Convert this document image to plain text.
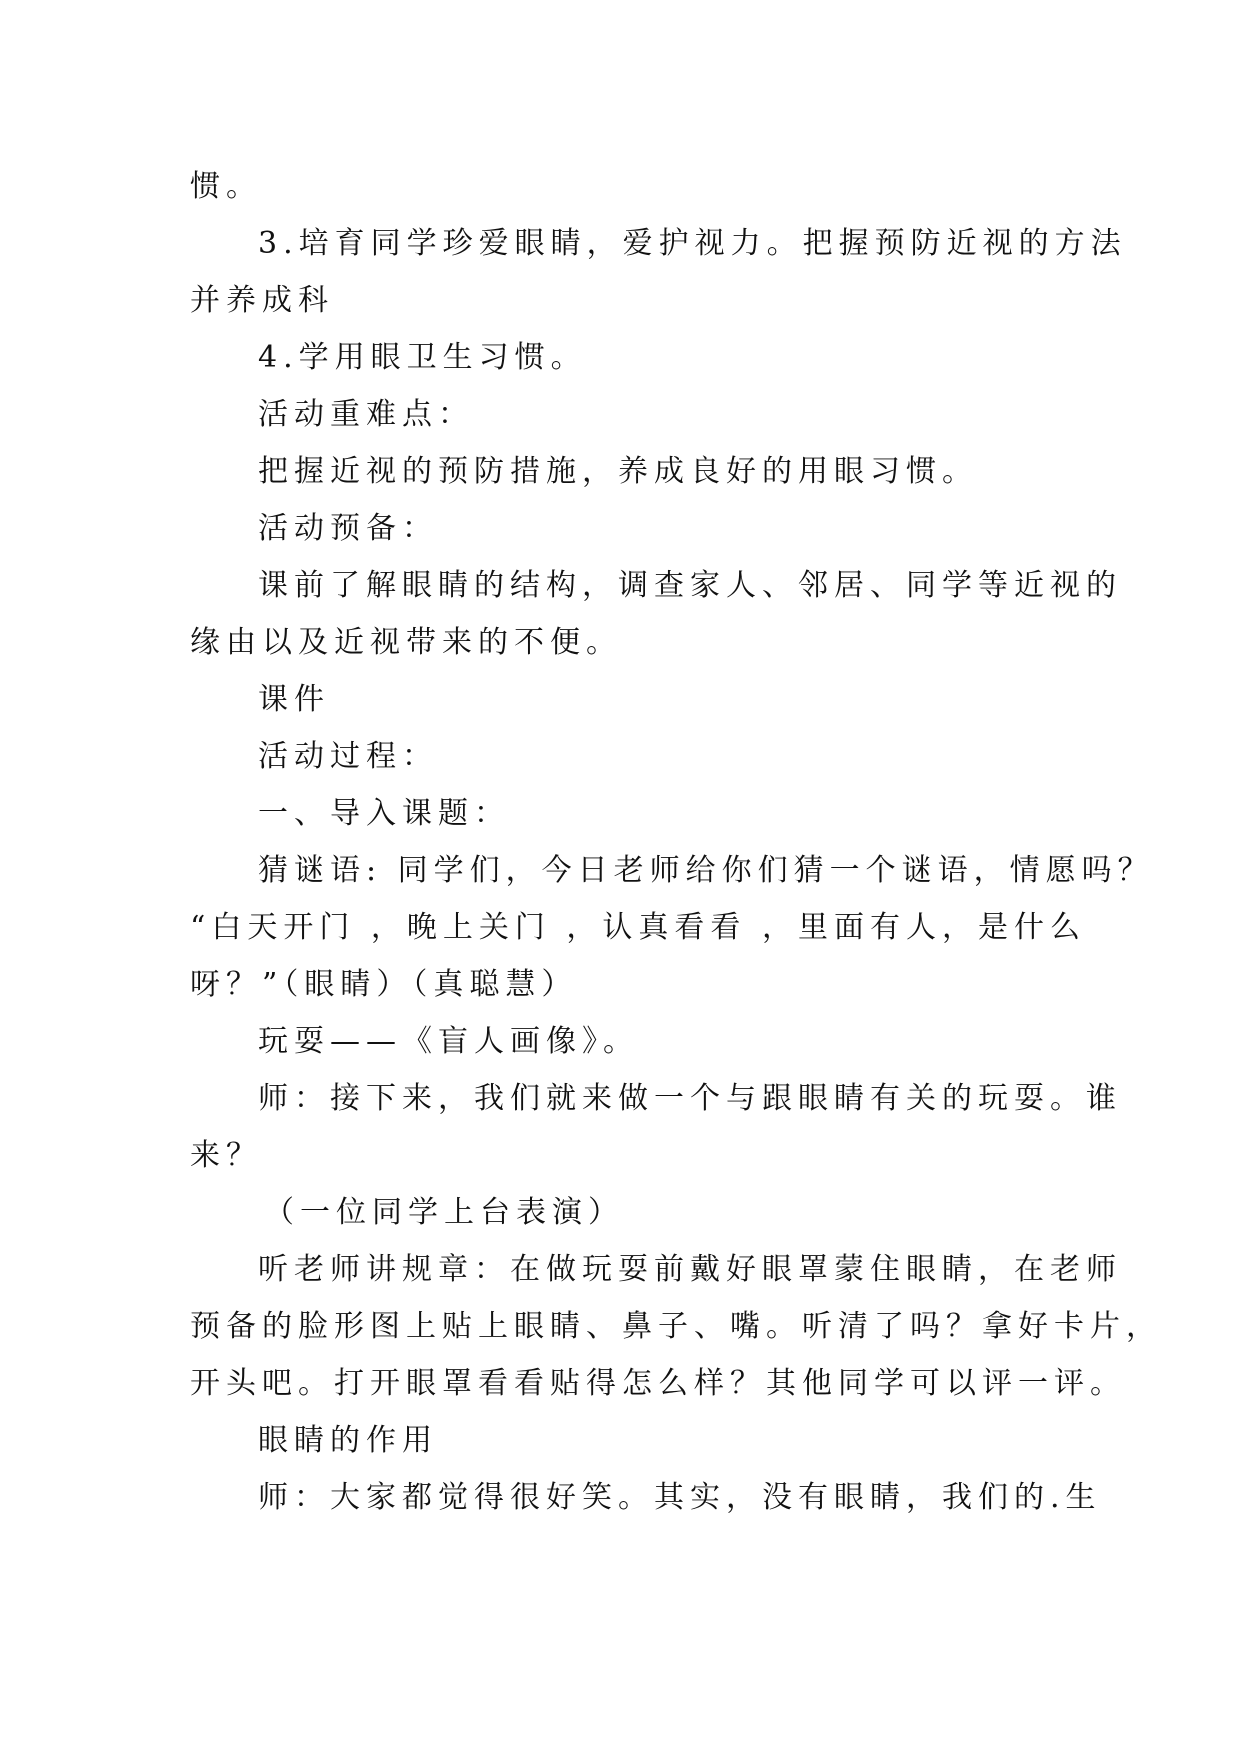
惯。

3.培育同学珍爱眼睛，爱护视力。把握预防近视的方法

并养成科

4.学用眼卫生习惯。

活动重难点：

把握近视的预防措施，养成良好的用眼习惯。

活动预备：

课前了解眼睛的结构，调查家人、邻居、同学等近视的

缘由以及近视带来的不便。

课件

活动过程：

一、导入课题：

猜谜语: 同学们，今日老师给你们猜一个谜语，情愿吗？

“白天开门 ，晚上关门 ，认真看看 ，里面有人，是什么

呀？”（眼睛）（真聪慧）

玩耍——《盲人画像》。

师：接下来，我们就来做一个与跟眼睛有关的玩耍。谁

来？

（一位同学上台表演）

听老师讲规章：在做玩耍前戴好眼罩蒙住眼睛，在老师

预备的脸形图上贴上眼睛、鼻子、嘴。听清了吗？拿好卡片，

开头吧。打开眼罩看看贴得怎么样？其他同学可以评一评。

眼睛的作用

师：大家都觉得很好笑。其实，没有眼睛，我们的.生
